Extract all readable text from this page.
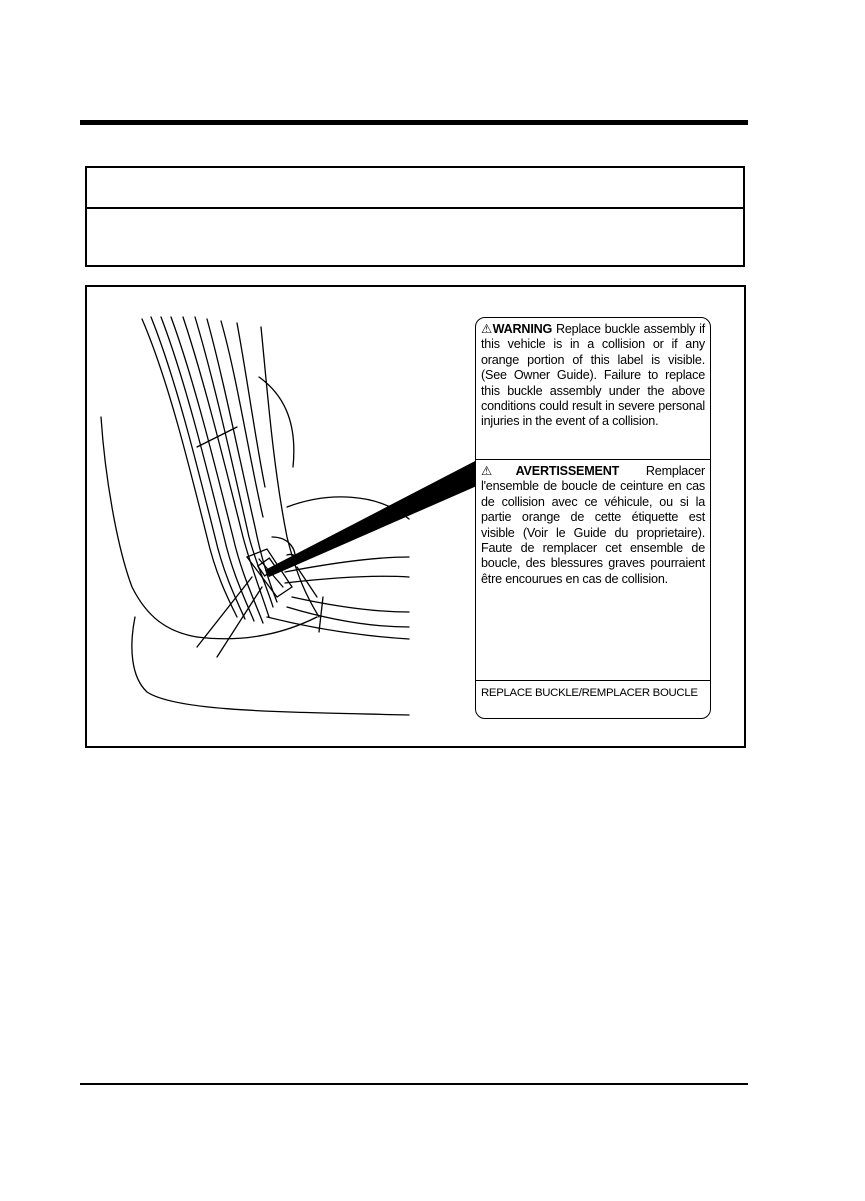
⚠WARNING Replace buckle assembly if this vehicle is in a collision or if any orange portion of this label is visible. (See Owner Guide). Failure to replace this buckle assembly under the above conditions could result in severe personal injuries in the event of a collision.
⚠AVERTISSEMENT Remplacer l'ensemble de boucle de ceinture en cas de collision avec ce véhicule, ou si la partie orange de cette étiquette est visible (Voir le Guide du proprietaire). Faute de remplacer cet ensemble de boucle, des blessures graves pourraient être encourues en cas de collision.
REPLACE BUCKLE/REMPLACER BOUCLE
